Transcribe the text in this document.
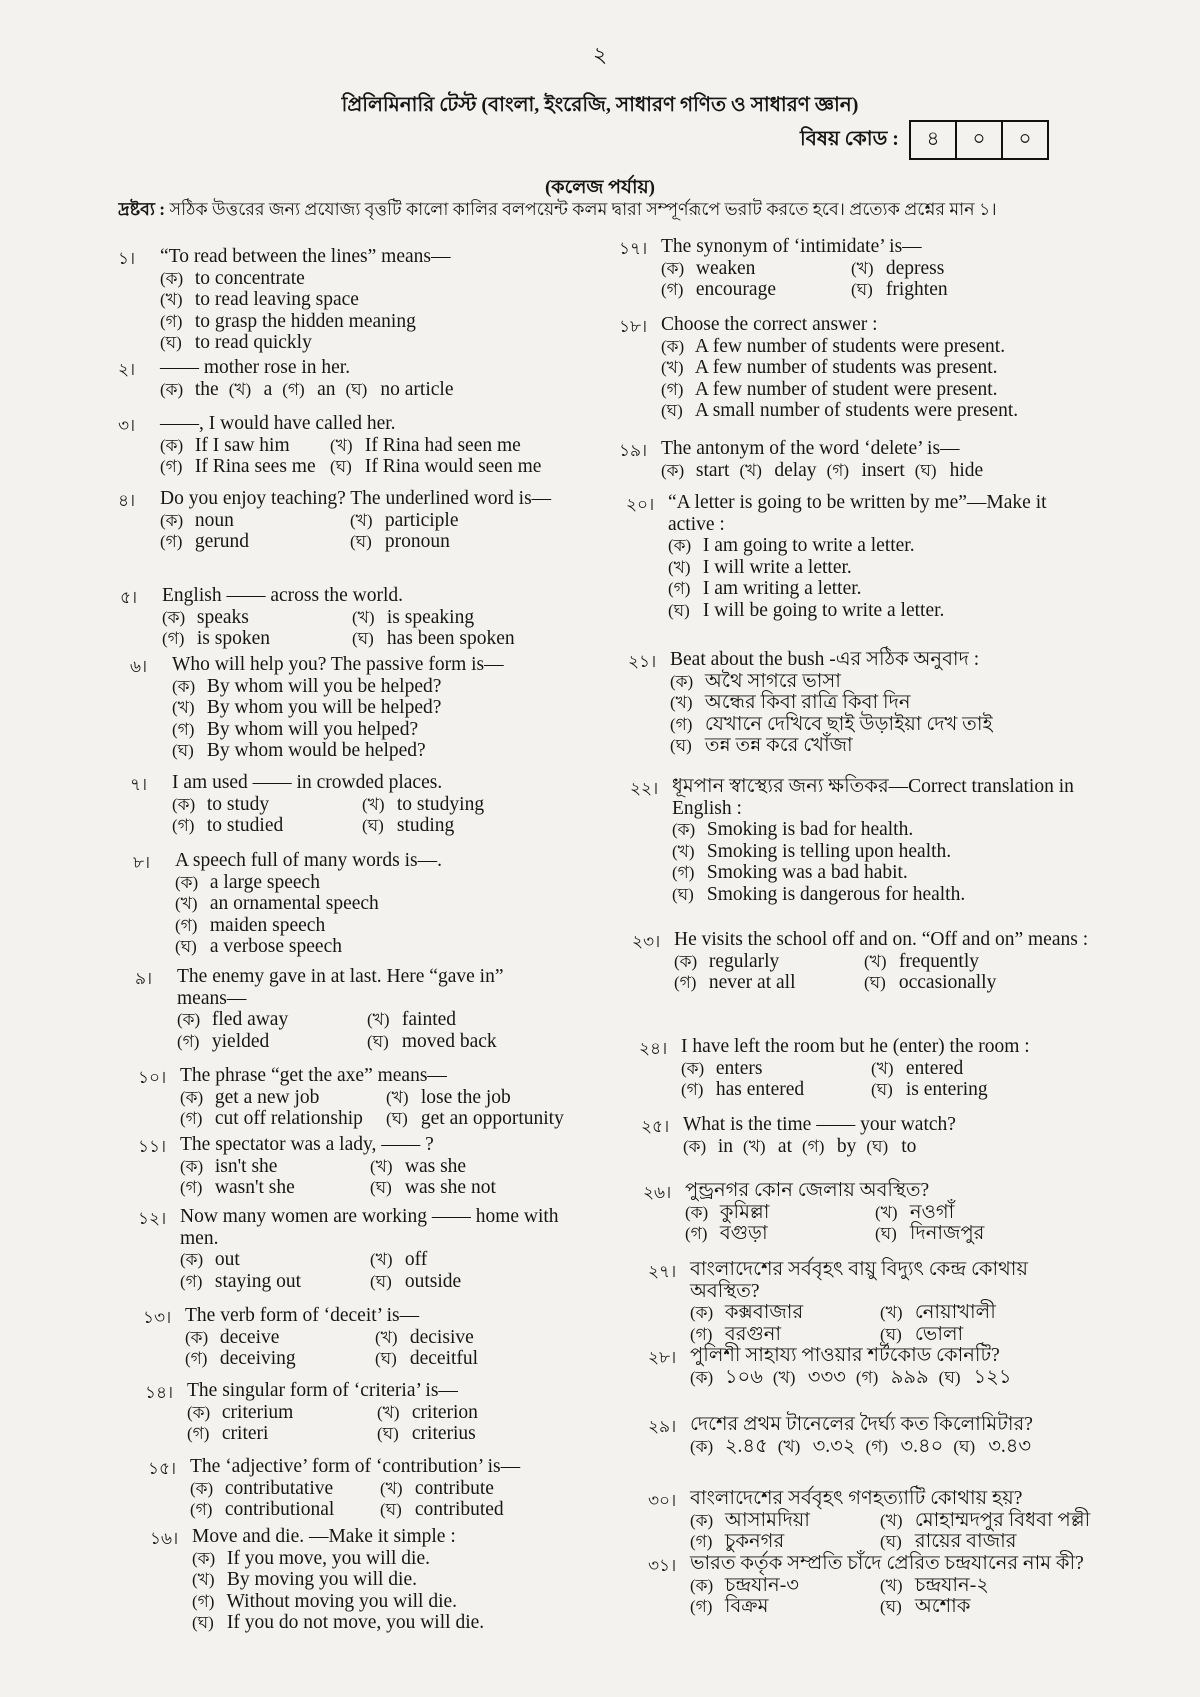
২
প্রিলিমিনারি টেস্ট (বাংলা, ইংরেজি, সাধারণ গণিত ও সাধারণ জ্ঞান)
বিষয় কোড :	৪	০	০
(কলেজ পর্যায়)
দ্রষ্টব্য : সঠিক উত্তরের জন্য প্রযোজ্য বৃত্তটি কালো কালির বলপয়েন্ট কলম দ্বারা সম্পূর্ণরূপে ভরাট করতে হবে। প্রত্যেক প্রশ্নের মান ১।
১।	“To read between the lines” means—
(ক) to concentrate
(খ) to read leaving space
(গ) to grasp the hidden meaning
(ঘ) to read quickly
২।	—— mother rose in her.
(ক) the (খ) a (গ) an (ঘ) no article
৩।	——, I would have called her.
(ক) If I saw him	(খ) If Rina had seen me
(গ) If Rina sees me (ঘ) If Rina would seen me
৪।	Do you enjoy teaching? The underlined word is—
(ক) noun	(খ) participle
(গ) gerund	(ঘ) pronoun
৫।	English —— across the world.
(ক) speaks	(খ) is speaking
(গ) is spoken	(ঘ) has been spoken
৬।	Who will help you? The passive form is—
(ক) By whom will you be helped?
(খ) By whom you will be helped?
(গ) By whom will you helped?
(ঘ) By whom would be helped?
৭।	I am used —— in crowded places.
(ক) to study	(খ) to studying
(গ) to studied	(ঘ) studing
৮।	A speech full of many words is—.
(ক) a large speech
(খ) an ornamental speech
(গ) maiden speech
(ঘ) a verbose speech
৯।	The enemy gave in at last. Here “gave in” means—
(ক) fled away	(খ) fainted
(গ) yielded	(ঘ) moved back
১০। The phrase “get the axe” means—
(ক) get a new job	(খ) lose the job
(গ) cut off relationship	(ঘ) get an opportunity
১১। The spectator was a lady, —— ?
(ক) isn't she	(খ) was she
(গ) wasn't she	(ঘ) was she not
১২। Now many women are working —— home with men.
(ক) out	(খ) off
(গ) staying out	(ঘ) outside
১৩। The verb form of ‘deceit’ is—
(ক) deceive	(খ) decisive
(গ) deceiving	(ঘ) deceitful
১৪। The singular form of ‘criteria’ is—
(ক) criterium	(খ) criterion
(গ) criteri	(ঘ) criterius
১৫। The ‘adjective’ form of ‘contribution’ is—
(ক) contributative	(খ) contribute
(গ) contributional	(ঘ) contributed
১৬। Move and die. —Make it simple :
(ক) If you move, you will die.
(খ) By moving you will die.
(গ) Without moving you will die.
(ঘ) If you do not move, you will die.
১৭। The synonym of ‘intimidate’ is—
(ক) weaken	(খ) depress
(গ) encourage	(ঘ) frighten
১৮। Choose the correct answer :
(ক) A few number of students were present.
(খ) A few number of students was present.
(গ) A few number of student were present.
(ঘ) A small number of students were present.
১৯। The antonym of the word ‘delete’ is—
(ক) start (খ) delay (গ) insert (ঘ) hide
২০। “A letter is going to be written by me”—Make it active :
(ক) I am going to write a letter.
(খ) I will write a letter.
(গ) I am writing a letter.
(ঘ) I will be going to write a letter.
২১। Beat about the bush -এর সঠিক অনুবাদ :
(ক) অথৈ সাগরে ভাসা
(খ) অন্ধের কিবা রাত্রি কিবা দিন
(গ) যেখানে দেখিবে ছাই উড়াইয়া দেখ তাই
(ঘ) তন্ন তন্ন করে খোঁজা
২২। ধূমপান স্বাস্থ্যের জন্য ক্ষতিকর—Correct translation in English :
(ক) Smoking is bad for health.
(খ) Smoking is telling upon health.
(গ) Smoking was a bad habit.
(ঘ) Smoking is dangerous for health.
২৩। He visits the school off and on. “Off and on” means :
(ক) regularly	(খ) frequently
(গ) never at all	(ঘ) occasionally
২৪। I have left the room but he (enter) the room :
(ক) enters	(খ) entered
(গ) has entered	(ঘ) is entering
২৫। What is the time —— your watch?
(ক) in (খ) at (গ) by (ঘ) to
২৬। পুন্ড্রনগর কোন জেলায় অবস্থিত?
(ক) কুমিল্লা	(খ) নওগাঁ
(গ) বগুড়া	(ঘ) দিনাজপুর
২৭। বাংলাদেশের সর্ববৃহৎ বায়ু বিদ্যুৎ কেন্দ্র কোথায় অবস্থিত?
(ক) কক্সবাজার	(খ) নোয়াখালী
(গ) বরগুনা	(ঘ) ভোলা
২৮। পুলিশী সাহায্য পাওয়ার শর্টকোড কোনটি?
(ক) ১০৬ (খ) ৩৩৩ (গ) ৯৯৯ (ঘ) ১২১
২৯। দেশের প্রথম টানেলের দৈর্ঘ্য কত কিলোমিটার?
(ক) ২.৪৫ (খ) ৩.৩২ (গ) ৩.৪০ (ঘ) ৩.৪৩
৩০। বাংলাদেশের সর্ববৃহৎ গণহত্যাটি কোথায় হয়?
(ক) আসামদিয়া	(খ) মোহাম্মদপুর বিধবা পল্লী
(গ) চুকনগর	(ঘ) রায়ের বাজার
৩১। ভারত কর্তৃক সম্প্রতি চাঁদে প্রেরিত চন্দ্রযানের নাম কী?
(ক) চন্দ্রযান-৩	(খ) চন্দ্রযান-২
(গ) বিক্রম	(ঘ) অশোক
